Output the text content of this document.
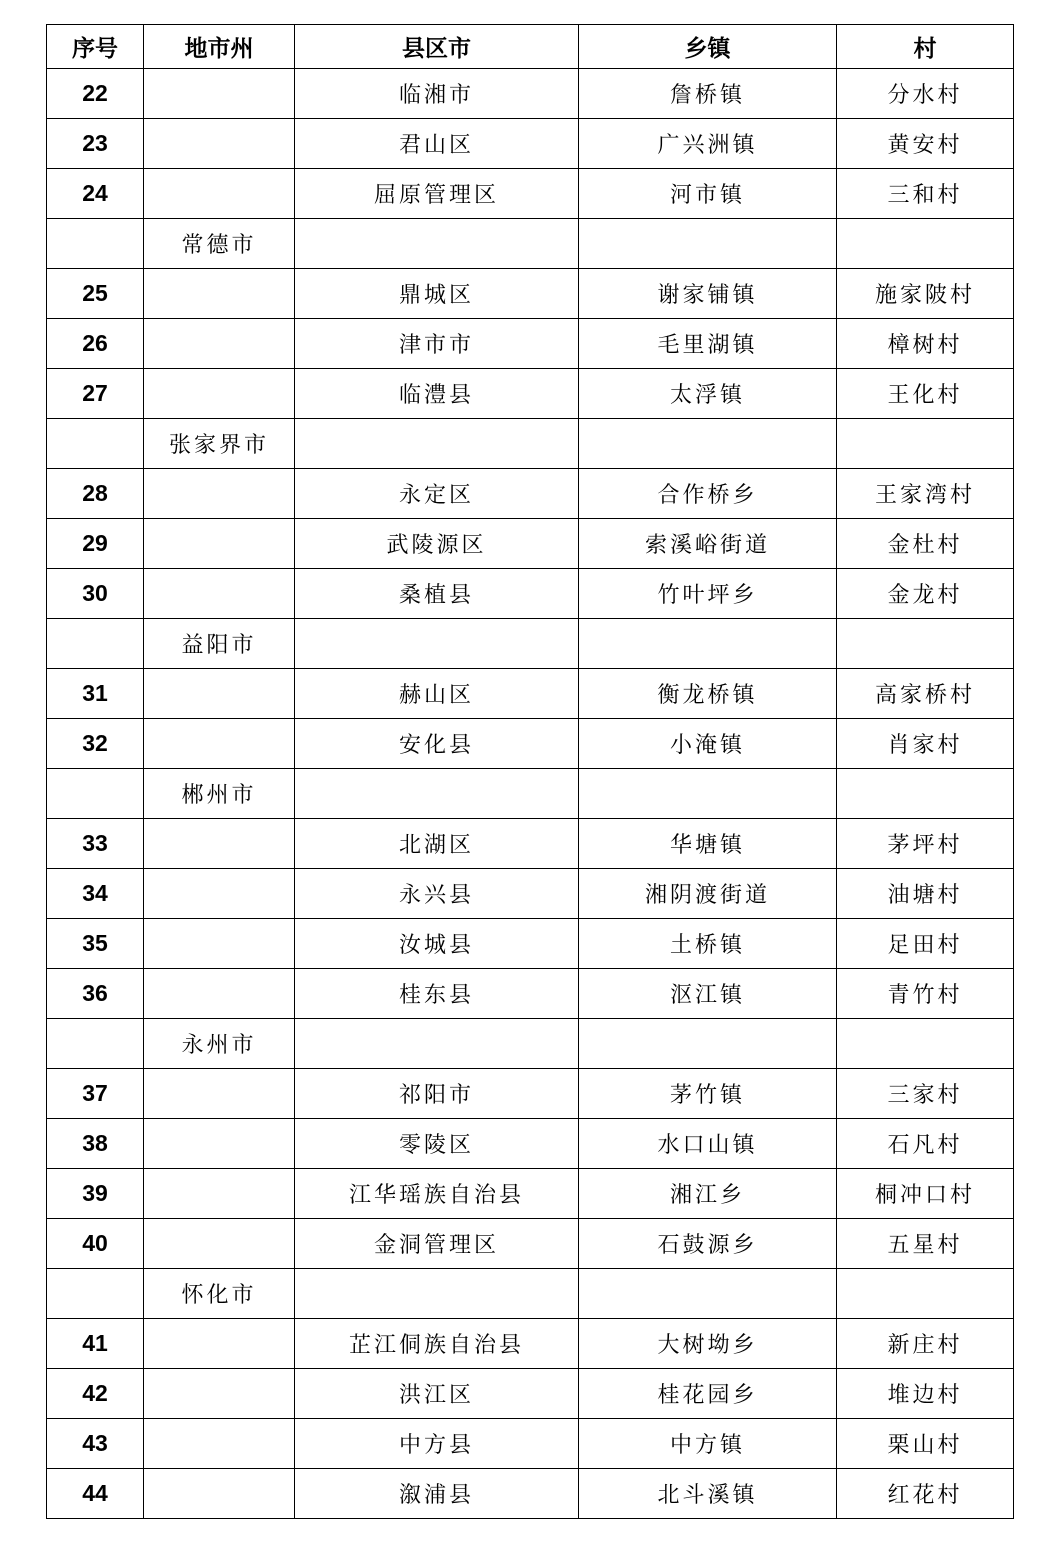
序号	地市州	县区市	乡镇	村
22		临湘市	詹桥镇	分水村
23		君山区	广兴洲镇	黄安村
24		屈原管理区	河市镇	三和村
	常德市			
25		鼎城区	谢家铺镇	施家陂村
26		津市市	毛里湖镇	樟树村
27		临澧县	太浮镇	王化村
	张家界市			
28		永定区	合作桥乡	王家湾村
29		武陵源区	索溪峪街道	金杜村
30		桑植县	竹叶坪乡	金龙村
	益阳市			
31		赫山区	衡龙桥镇	高家桥村
32		安化县	小淹镇	肖家村
	郴州市			
33		北湖区	华塘镇	茅坪村
34		永兴县	湘阴渡街道	油塘村
35		汝城县	土桥镇	足田村
36		桂东县	沤江镇	青竹村
	永州市			
37		祁阳市	茅竹镇	三家村
38		零陵区	水口山镇	石凡村
39		江华瑶族自治县	湘江乡	桐冲口村
40		金洞管理区	石鼓源乡	五星村
	怀化市			
41		芷江侗族自治县	大树坳乡	新庄村
42		洪江区	桂花园乡	堆边村
43		中方县	中方镇	栗山村
44		溆浦县	北斗溪镇	红花村
